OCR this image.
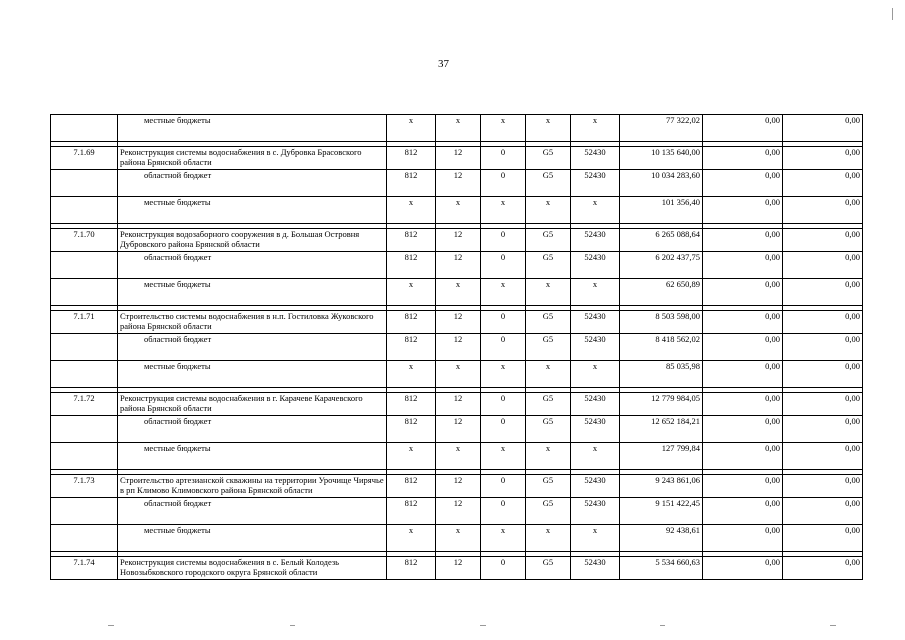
37
	местные бюджеты	x	x	x	x	x	77 322,02	0,00	0,00

7.1.69	Реконструкция системы водоснабжения в с. Дубровка Брасовского района Брянской области	812	12	0	G5	52430	10 135 640,00	0,00	0,00
	областной бюджет	812	12	0	G5	52430	10 034 283,60	0,00	0,00
	местные бюджеты	x	x	x	x	x	101 356,40	0,00	0,00

7.1.70	Реконструкция водозаборного сооружения в д. Большая Островня Дубровского района Брянской области	812	12	0	G5	52430	6 265 088,64	0,00	0,00
	областной бюджет	812	12	0	G5	52430	6 202 437,75	0,00	0,00
	местные бюджеты	x	x	x	x	x	62 650,89	0,00	0,00

7.1.71	Строительство системы водоснабжения в н.п. Гостиловка Жуковского района Брянской области	812	12	0	G5	52430	8 503 598,00	0,00	0,00
	областной бюджет	812	12	0	G5	52430	8 418 562,02	0,00	0,00
	местные бюджеты	x	x	x	x	x	85 035,98	0,00	0,00

7.1.72	Реконструкция системы водоснабжения в г. Карачеве Карачевского района Брянской области	812	12	0	G5	52430	12 779 984,05	0,00	0,00
	областной бюджет	812	12	0	G5	52430	12 652 184,21	0,00	0,00
	местные бюджеты	x	x	x	x	x	127 799,84	0,00	0,00

7.1.73	Строительство артезианской скважины на территории Урочище Чирячье в рп Климово Климовского района Брянской области	812	12	0	G5	52430	9 243 861,06	0,00	0,00
	областной бюджет	812	12	0	G5	52430	9 151 422,45	0,00	0,00
	местные бюджеты	x	x	x	x	x	92 438,61	0,00	0,00

7.1.74	Реконструкция системы водоснабжения в с. Белый Колодезь Новозыбковского городского округа Брянской области	812	12	0	G5	52430	5 534 660,63	0,00	0,00
